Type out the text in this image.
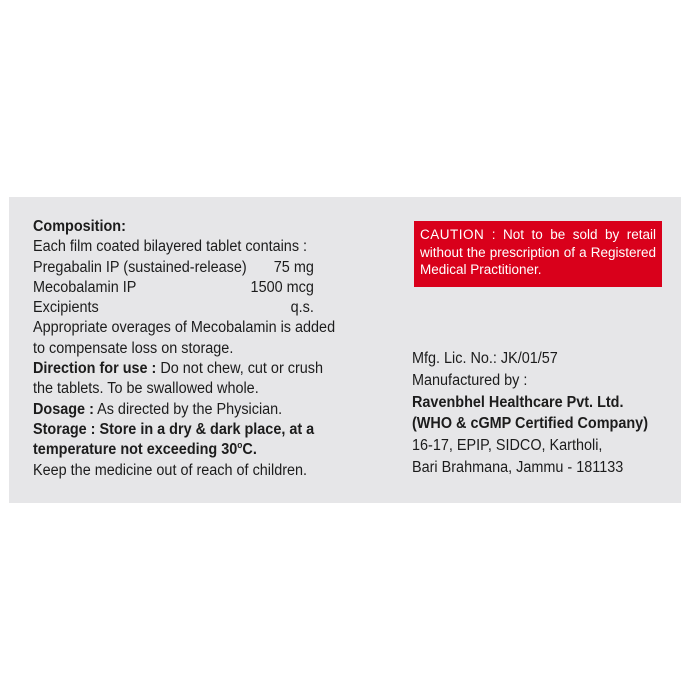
Composition:
Each film coated bilayered tablet contains :
Pregabalin IP (sustained-release) 75 mg
Mecobalamin IP	1500 mcg
Excipients	q.s.
Appropriate overages of Mecobalamin is added
to compensate loss on storage.
Direction for use : Do not chew, cut or crush
the tablets. To be swallowed whole.
Dosage : As directed by the Physician.
Storage : Store in a dry & dark place, at a
temperature not exceeding 30$^o$C.
Keep the medicine out of reach of children.
CAUTION : Not to be sold by retail without the prescription of a Registered Medical Practitioner.
Mfg. Lic. No.: JK/01/57
Manufactured by :
Ravenbhel Healthcare Pvt. Ltd.
(WHO & cGMP Certified Company)
16-17, EPIP, SIDCO, Kartholi,
Bari Brahmana, Jammu - 181133
